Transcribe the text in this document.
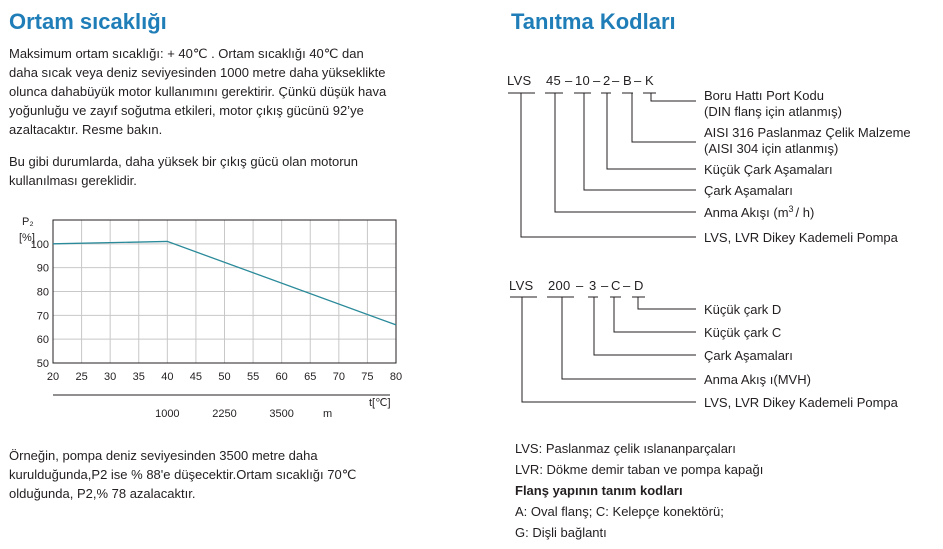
Ortam sıcaklığı

Maksimum ortam sıcaklığı: + 40℃ . Ortam sıcaklığı 40℃ dan
daha sıcak veya deniz seviyesinden 1000 metre daha yükseklikte
olunca dahabüyük motor kullanımını gerektirir. Çünkü düşük hava
yoğunluğu ve zayıf soğutma etkileri, motor çıkış gücünü 92’ye
azaltacaktır. Resme bakın.

Bu gibi durumlarda, daha yüksek bir çıkış gücü olan motorun
kullanılması gereklidir.

Örneğin, pompa deniz seviyesinden 3500 metre daha
kurulduğunda,P2 ise % 88'e düşecektir.Ortam sıcaklığı 70℃
olduğunda, P2,% 78 azalacaktır.

P₂
[%]
50
60
70
80
90
100
20 25 30 35 40 45 50 55 60 65 70 75 80
1000	2250	3500
t[℃]
m
Tanıtma Kodları
LVS 45 – 10 – 2 – B – K
Boru Hattı Port Kodu
(DIN flanş için atlanmış)
AISI 316 Paslanmaz Çelik Malzeme
(AISI 304 için atlanmış)
Küçük Çark Aşamaları
Çark Aşamaları
Anma Akışı $(m^3 / h)$
LVS, LVR Dikey Kademeli Pompa
LVS 200 – 3 – C – D
Küçük çark D
Küçük çark C
Çark Aşamaları
Anma Akış ı(MVH)
LVS, LVR Dikey Kademeli Pompa

LVS: Paslanmaz çelik ıslananparçaları
LVR: Dökme demir taban ve pompa kapağı
Flanş yapının tanım kodları
A: Oval flanş; C: Kelepçe konektörü;
G: Dişli bağlantı
